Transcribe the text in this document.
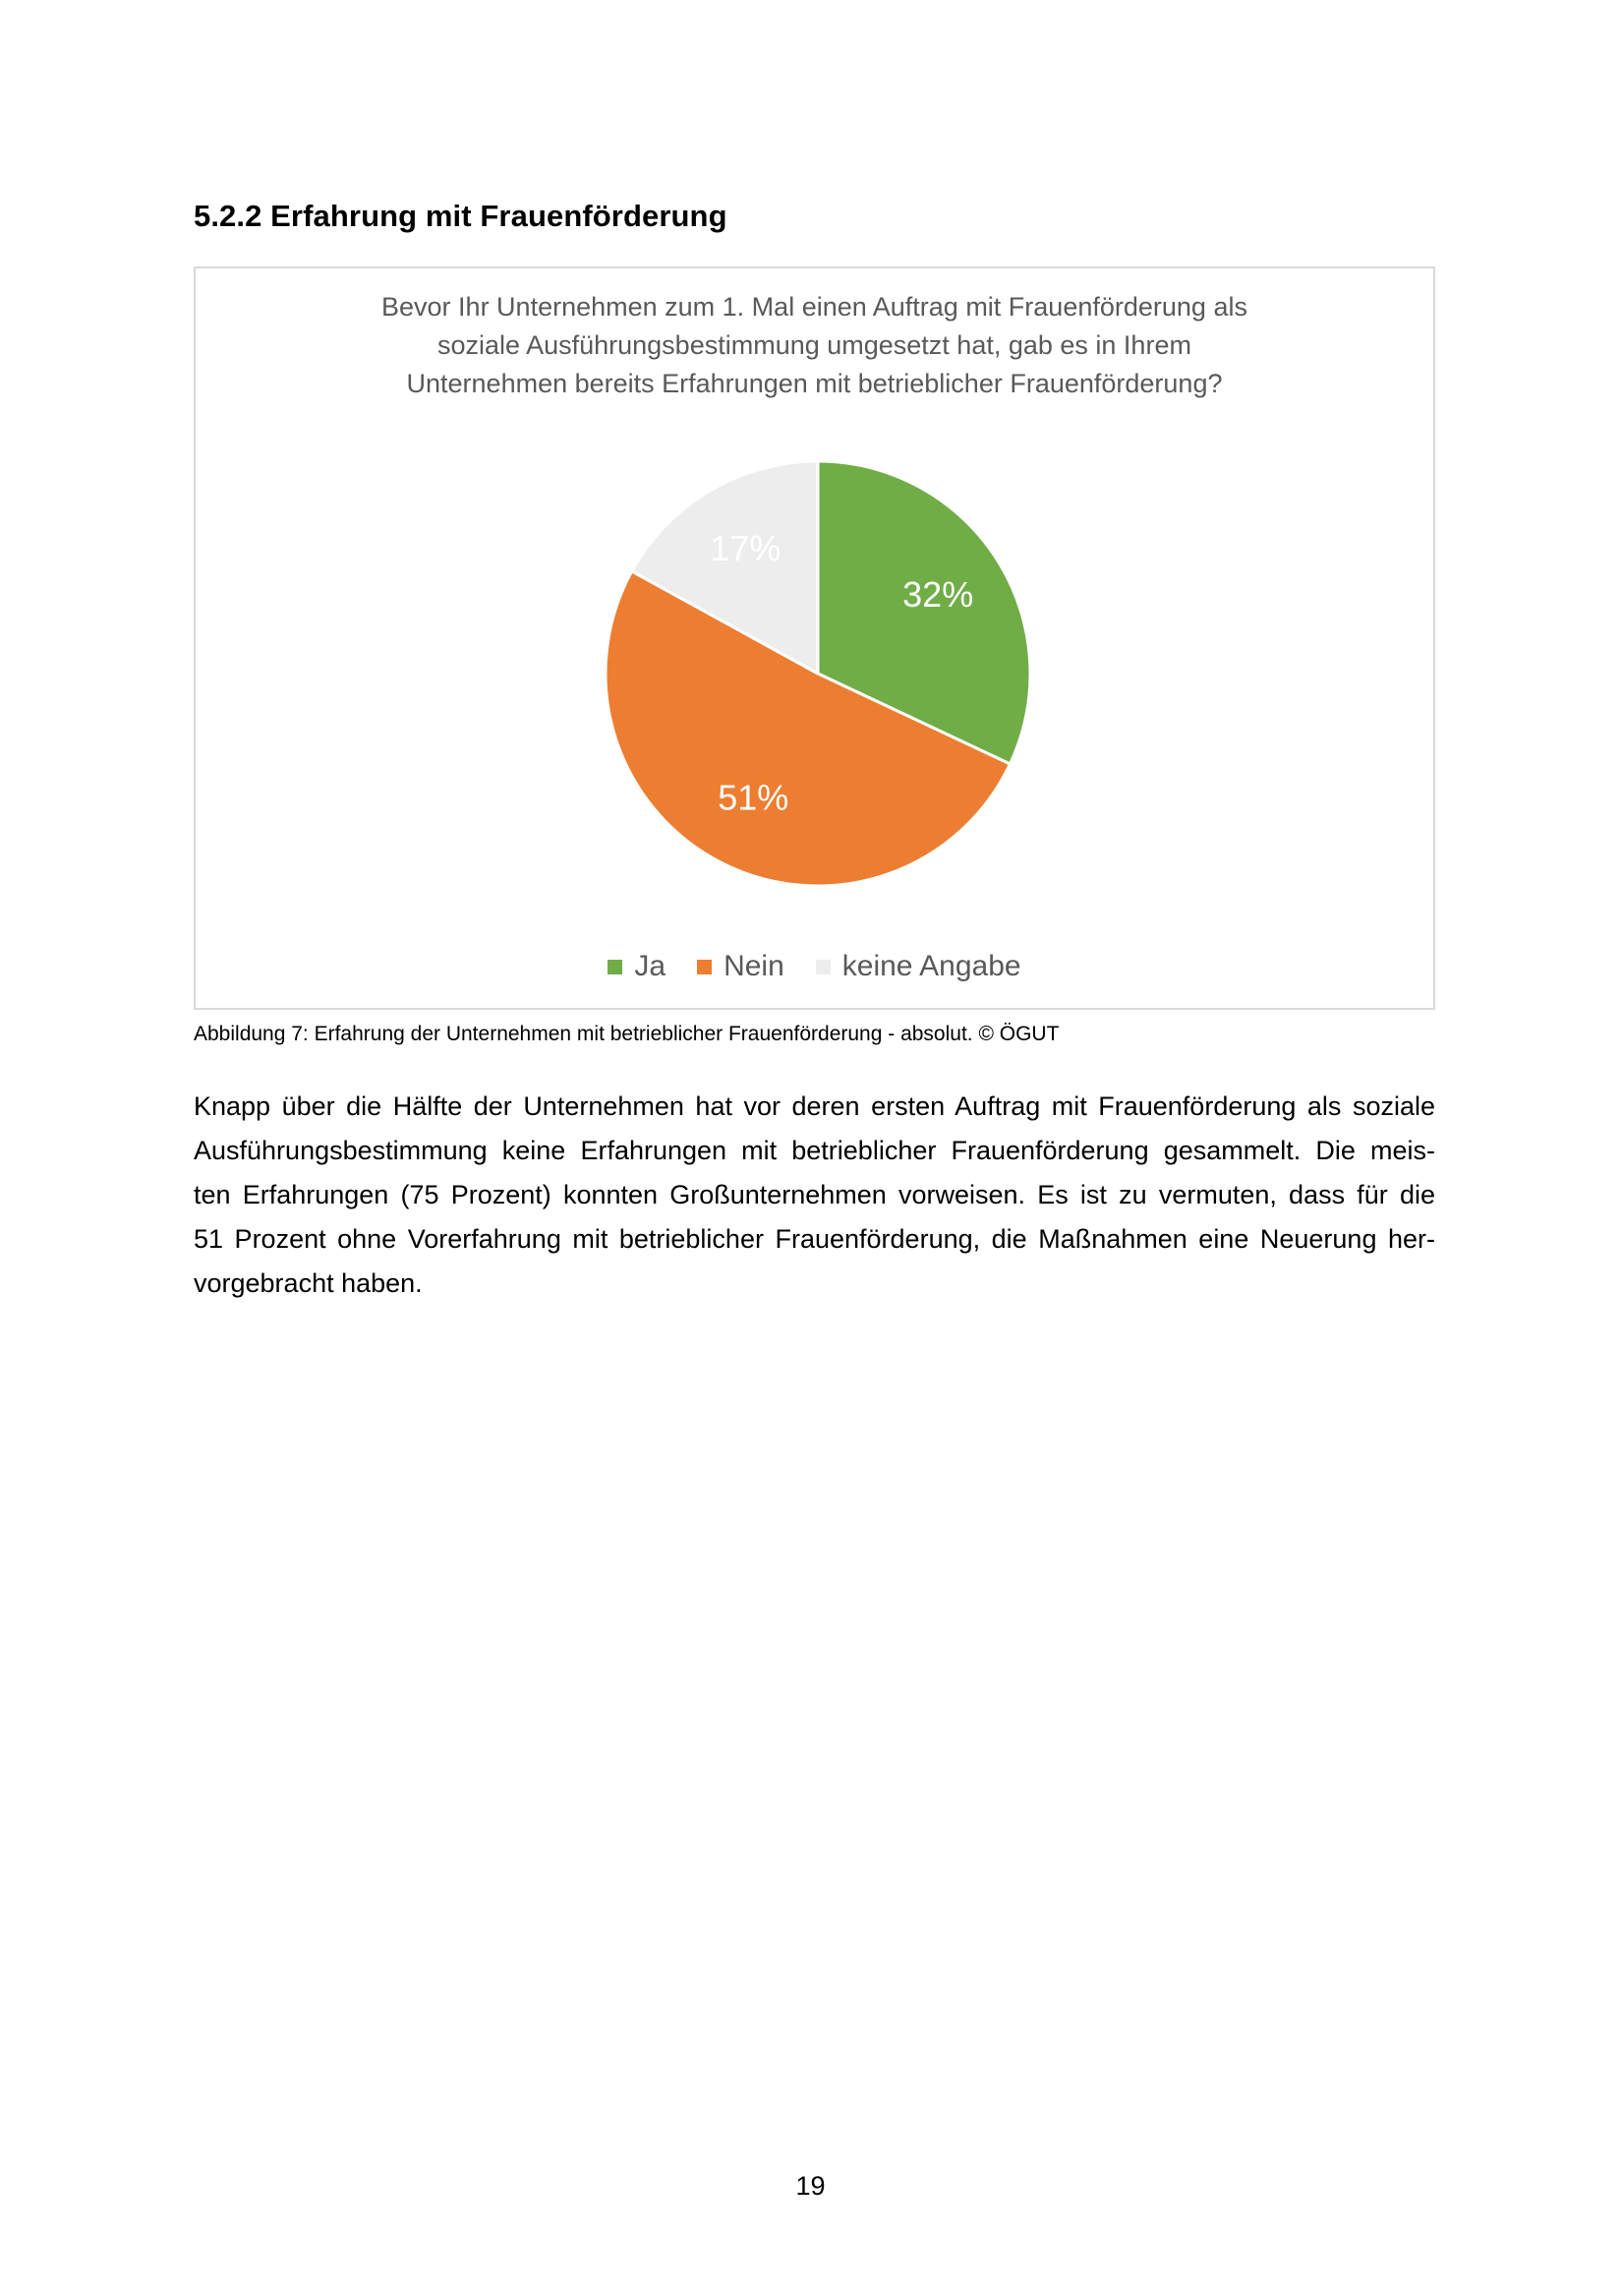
5.2.2 Erfahrung mit Frauenförderung
Bevor Ihr Unternehmen zum 1. Mal einen Auftrag mit Frauenförderung als
soziale Ausführungsbestimmung umgesetzt hat, gab es in Ihrem
Unternehmen bereits Erfahrungen mit betrieblicher Frauenförderung?
32%
51%
17%
Ja Nein keine Angabe
Abbildung 7: Erfahrung der Unternehmen mit betrieblicher Frauenförderung - absolut. © ÖGUT
Knapp über die Hälfte der Unternehmen hat vor deren ersten Auftrag mit Frauenförderung als soziale
Ausführungsbestimmung keine Erfahrungen mit betrieblicher Frauenförderung gesammelt. Die meis-
ten Erfahrungen (75 Prozent) konnten Großunternehmen vorweisen. Es ist zu vermuten, dass für die
51 Prozent ohne Vorerfahrung mit betrieblicher Frauenförderung, die Maßnahmen eine Neuerung her-
vorgebracht haben.
19
